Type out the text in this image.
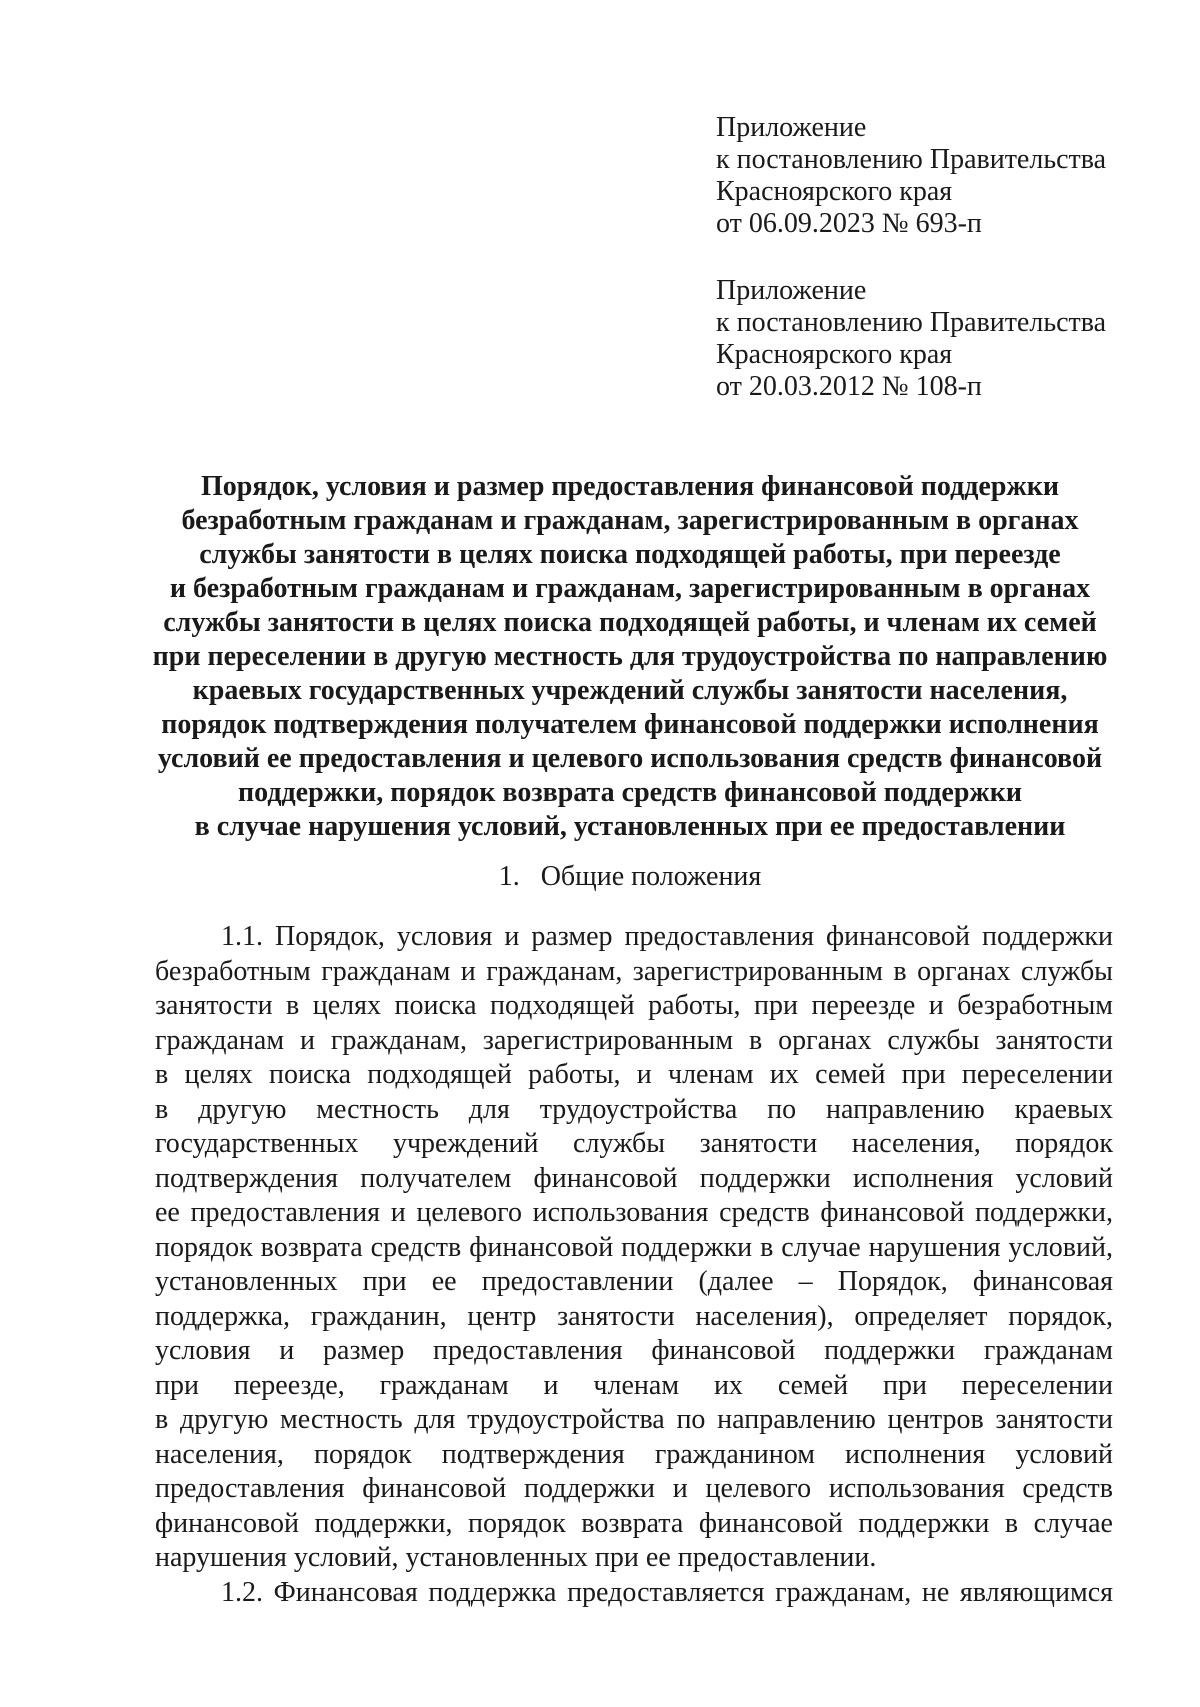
Приложение
к постановлению Правительства
Красноярского края
от 06.09.2023 № 693-п
Приложение
к постановлению Правительства
Красноярского края
от 20.03.2012 № 108-п
Порядок, условия и размер предоставления финансовой поддержки
безработным гражданам и гражданам, зарегистрированным в органах
службы занятости в целях поиска подходящей работы, при переезде
и безработным гражданам и гражданам, зарегистрированным в органах
службы занятости в целях поиска подходящей работы, и членам их семей
при переселении в другую местность для трудоустройства по направлению
краевых государственных учреждений службы занятости населения,
порядок подтверждения получателем финансовой поддержки исполнения
условий ее предоставления и целевого использования средств финансовой
поддержки, порядок возврата средств финансовой поддержки
в случае нарушения условий, установленных при ее предоставлении
1.   Общие положения
1.1. Порядок, условия и размер предоставления финансовой поддержки
безработным гражданам и гражданам, зарегистрированным в органах службы
занятости в целях поиска подходящей работы, при переезде и безработным
гражданам и гражданам, зарегистрированным в органах службы занятости
в целях поиска подходящей работы, и членам их семей при переселении
в другую местность для трудоустройства по направлению краевых
государственных учреждений службы занятости населения, порядок
подтверждения получателем финансовой поддержки исполнения условий
ее предоставления и целевого использования средств финансовой поддержки,
порядок возврата средств финансовой поддержки в случае нарушения условий,
установленных при ее предоставлении (далее – Порядок, финансовая
поддержка, гражданин, центр занятости населения), определяет порядок,
условия и размер предоставления финансовой поддержки гражданам
при переезде, гражданам и членам их семей при переселении
в другую местность для трудоустройства по направлению центров занятости
населения, порядок подтверждения гражданином исполнения условий
предоставления финансовой поддержки и целевого использования средств
финансовой поддержки, порядок возврата финансовой поддержки в случае
нарушения условий, установленных при ее предоставлении.
1.2. Финансовая поддержка предоставляется гражданам, не являющимся
